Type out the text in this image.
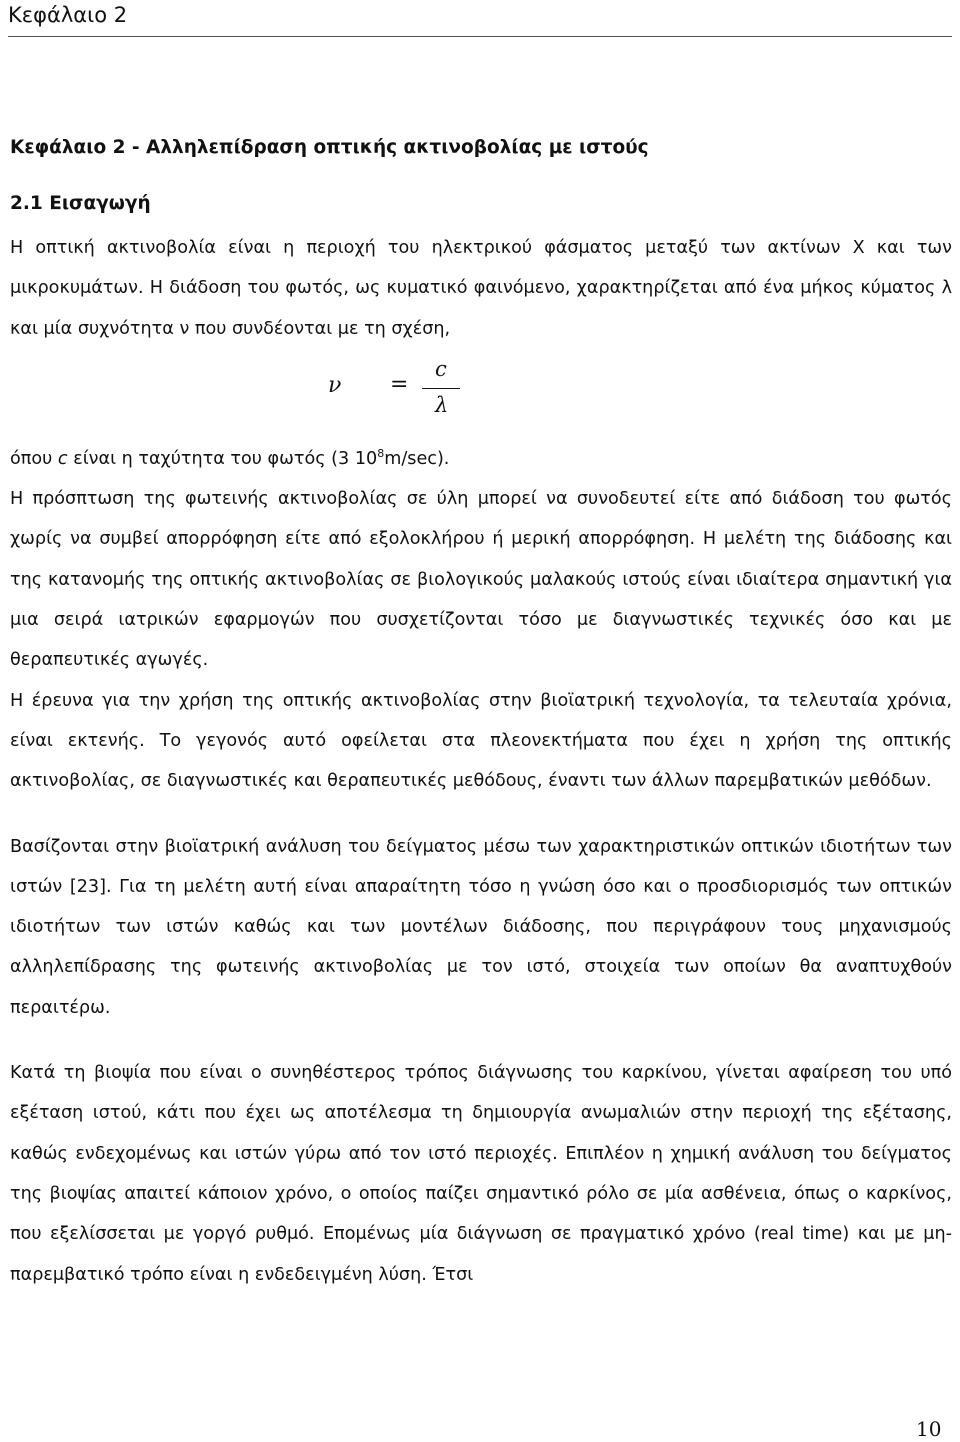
Κεφάλαιο 2
Κεφάλαιο 2 - Αλληλεπίδραση οπτικής ακτινοβολίας με ιστούς
2.1 Εισαγωγή

Η οπτική ακτινοβολία είναι η περιοχή του ηλεκτρικού φάσματος μεταξύ των ακτίνων Χ και των μικροκυμάτων. Η διάδοση του φωτός, ως κυματικό φαινόμενο, χαρακτηρίζεται από ένα μήκος κύματος λ και μία συχνότητα ν που συνδέονται με τη σχέση,

ν =
c
λ

όπου c είναι η ταχύτητα του φωτός (3 $10^8m/\sec$).

Η πρόσπτωση της φωτεινής ακτινοβολίας σε ύλη μπορεί να συνοδευτεί είτε από διάδοση του φωτός χωρίς να συμβεί απορρόφηση είτε από εξολοκλήρου ή μερική απορρόφηση. Η μελέτη της διάδοσης και της κατανομής της οπτικής ακτινοβολίας σε βιολογικούς μαλακούς ιστούς είναι ιδιαίτερα σημαντική για μια σειρά ιατρικών εφαρμογών που συσχετίζονται τόσο με διαγνωστικές τεχνικές όσο και με θεραπευτικές αγωγές.

Η έρευνα για την χρήση της οπτικής ακτινοβολίας στην βιοϊατρική τεχνολογία, τα τελευταία χρόνια, είναι εκτενής. Το γεγονός αυτό οφείλεται στα πλεονεκτήματα που έχει η χρήση της οπτικής ακτινοβολίας, σε διαγνωστικές και θεραπευτικές μεθόδους, έναντι των άλλων παρεμβατικών μεθόδων.

Βασίζονται στην βιοϊατρική ανάλυση του δείγματος μέσω των χαρακτηριστικών οπτικών ιδιοτήτων των ιστών [23]. Για τη μελέτη αυτή είναι απαραίτητη τόσο η γνώση όσο και ο προσδιορισμός των οπτικών ιδιοτήτων των ιστών καθώς και των μοντέλων διάδοσης, που περιγράφουν τους μηχανισμούς αλληλεπίδρασης της φωτεινής ακτινοβολίας με τον ιστό, στοιχεία των οποίων θα αναπτυχθούν περαιτέρω.

Κατά τη βιοψία που είναι ο συνηθέστερος τρόπος διάγνωσης του καρκίνου, γίνεται αφαίρεση του υπό εξέταση ιστού, κάτι που έχει ως αποτέλεσμα τη δημιουργία ανωμαλιών στην περιοχή της εξέτασης, καθώς ενδεχομένως και ιστών γύρω από τον ιστό περιοχές. Επιπλέον η χημική ανάλυση του δείγματος της βιοψίας απαιτεί κάποιον χρόνο, ο οποίος παίζει σημαντικό ρόλο σε μία ασθένεια, όπως ο καρκίνος, που εξελίσσεται με γοργό ρυθμό. Επομένως μία διάγνωση σε πραγματικό χρόνο (real time) και με μη-παρεμβατικό τρόπο είναι η ενδεδειγμένη λύση. Έτσι

10
